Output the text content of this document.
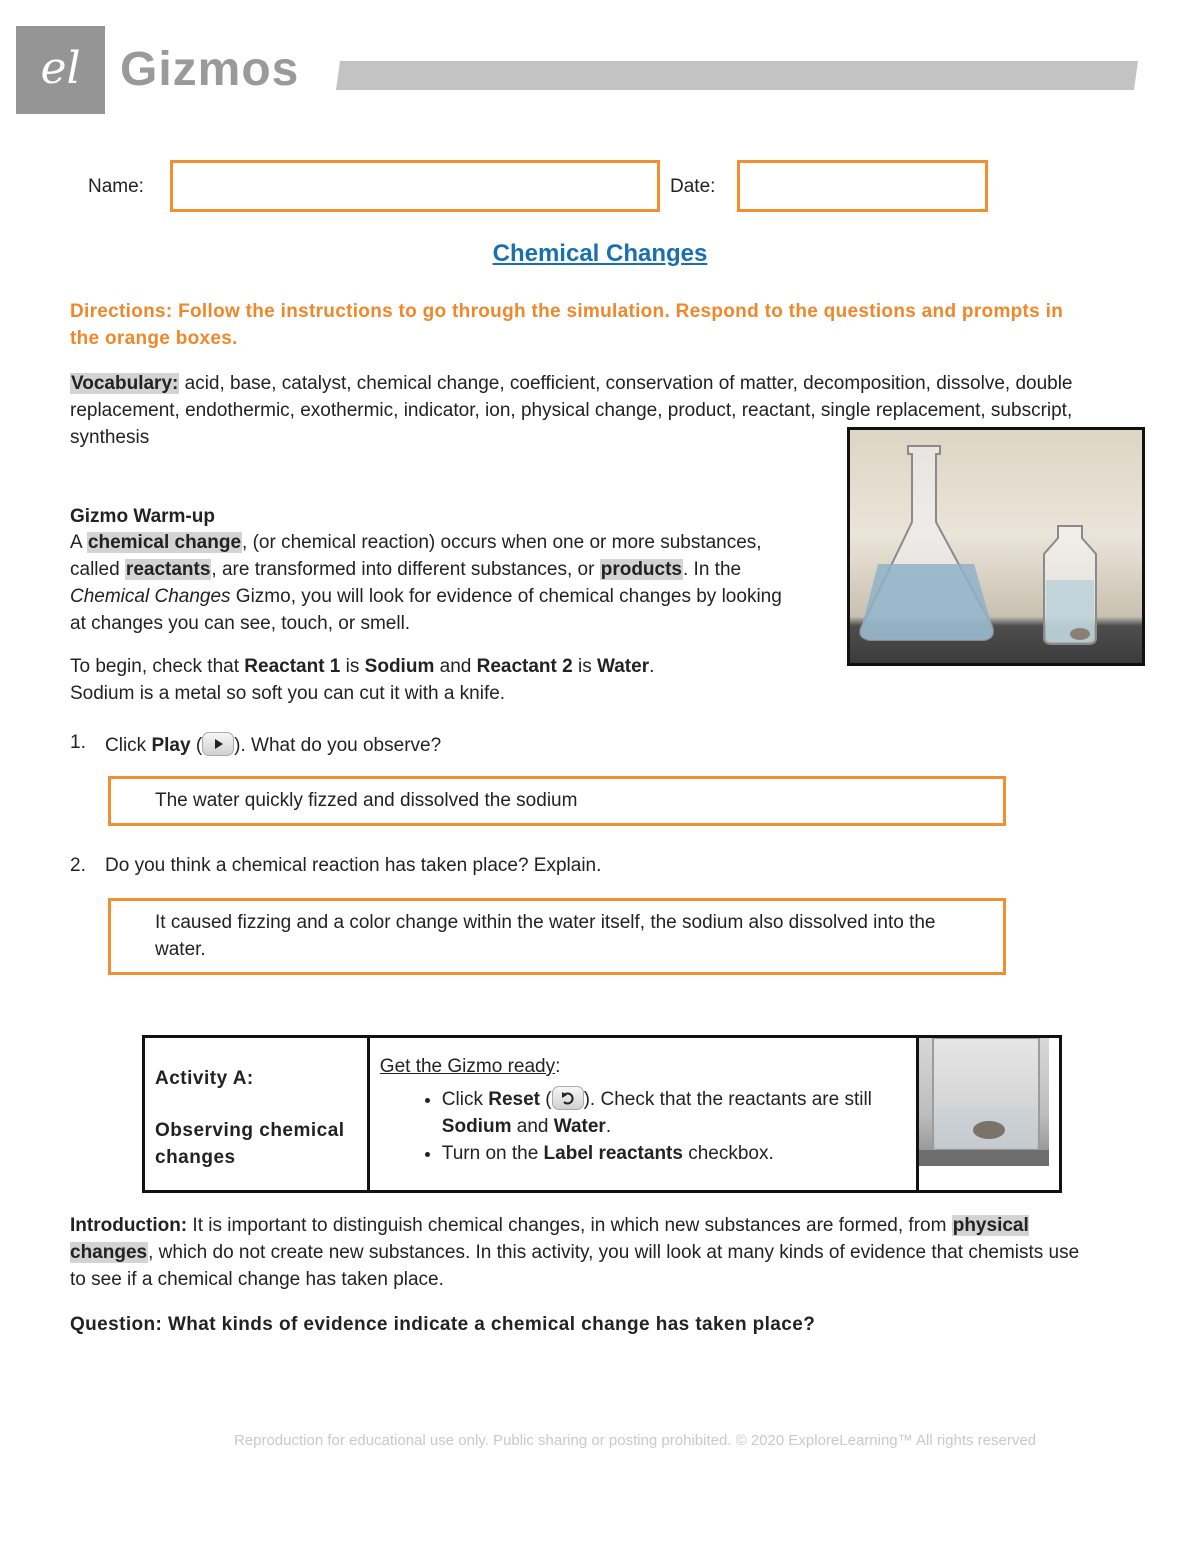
el Gizmos
Name:	Date:
Chemical Changes
Directions: Follow the instructions to go through the simulation. Respond to the questions and prompts in the orange boxes.
Vocabulary: acid, base, catalyst, chemical change, coefficient, conservation of matter, decomposition, dissolve, double replacement, endothermic, exothermic, indicator, ion, physical change, product, reactant, single replacement, subscript, synthesis
Gizmo Warm-up
A chemical change, (or chemical reaction) occurs when one or more substances, called reactants, are transformed into different substances, or products. In the Chemical Changes Gizmo, you will look for evidence of chemical changes by looking at changes you can see, touch, or smell.
To begin, check that Reactant 1 is Sodium and Reactant 2 is Water.
Sodium is a metal so soft you can cut it with a knife.
1. Click Play ( ). What do you observe?
The water quickly fizzed and dissolved the sodium
2. Do you think a chemical reaction has taken place? Explain.
It caused fizzing and a color change within the water itself, the sodium also dissolved into the water.
Activity A:
Observing chemical changes

Get the Gizmo ready:
• Click Reset ( ). Check that the reactants are still Sodium and Water.
• Turn on the Label reactants checkbox.

Introduction: It is important to distinguish chemical changes, in which new substances are formed, from physical changes, which do not create new substances. In this activity, you will look at many kinds of evidence that chemists use to see if a chemical change has taken place.
Question: What kinds of evidence indicate a chemical change has taken place?
Reproduction for educational use only. Public sharing or posting prohibited. © 2020 ExploreLearning™ All rights reserved
